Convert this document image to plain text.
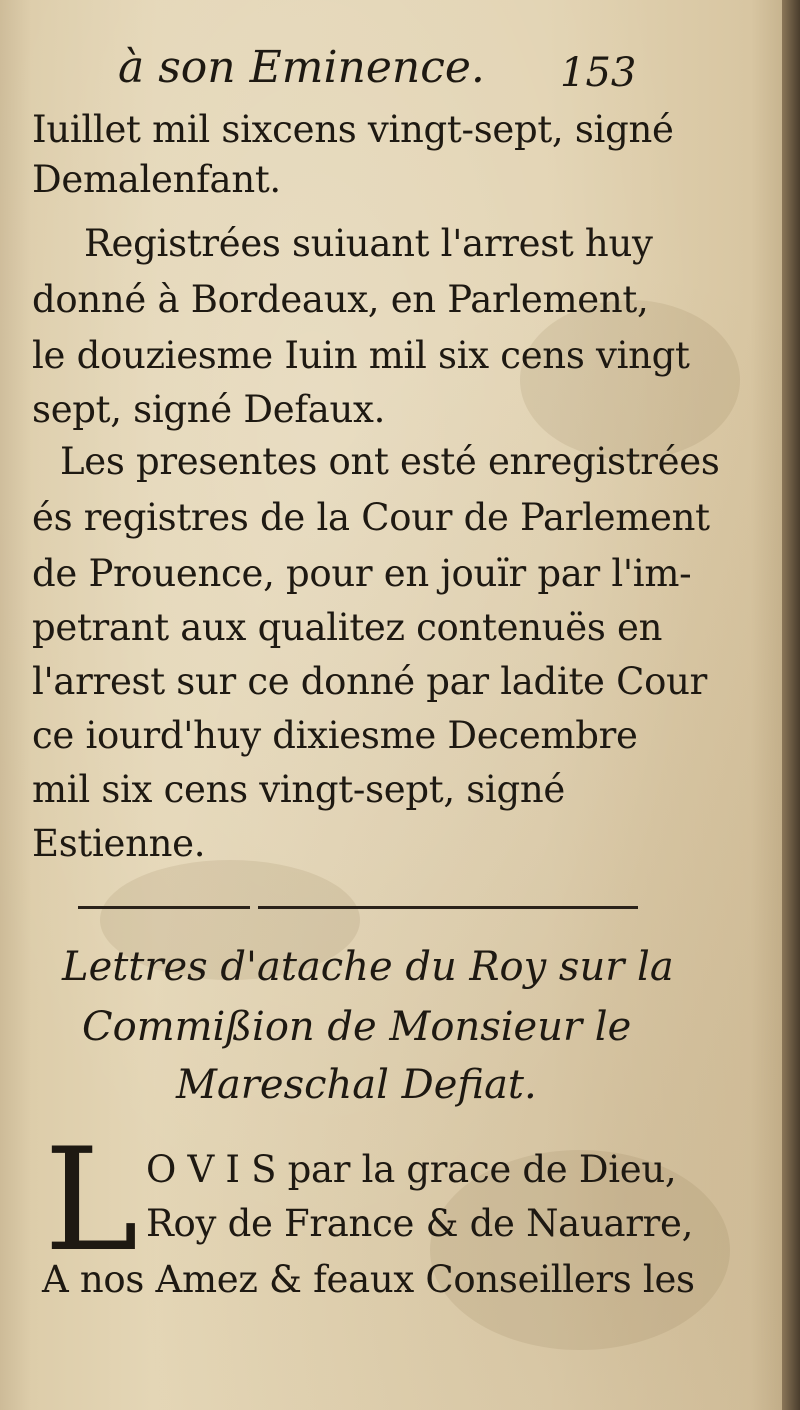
à son Eminence. 153
Iuillet mil sixcens vingt-sept, signé
Demalenfant.
Registrées suiuant l'arrest huy
donné à Bordeaux, en Parlement,
le douziesme Iuin mil six cens vingt
sept, signé Defaux.
Les presentes ont esté enregistrées
és registres de la Cour de Parlement
de Prouence, pour en jouïr par l'im-
petrant aux qualitez contenuës en
l'arrest sur ce donné par ladite Cour
ce iourd'huy dixiesme Decembre
mil six cens vingt-sept, signé
Estienne.
Lettres d'atache du Roy sur la
Commißion de Monsieur le
Mareschal Defiat.
L O V I S par la grace de Dieu,
Roy de France & de Nauarre,
A nos Amez & feaux Conseillers les
